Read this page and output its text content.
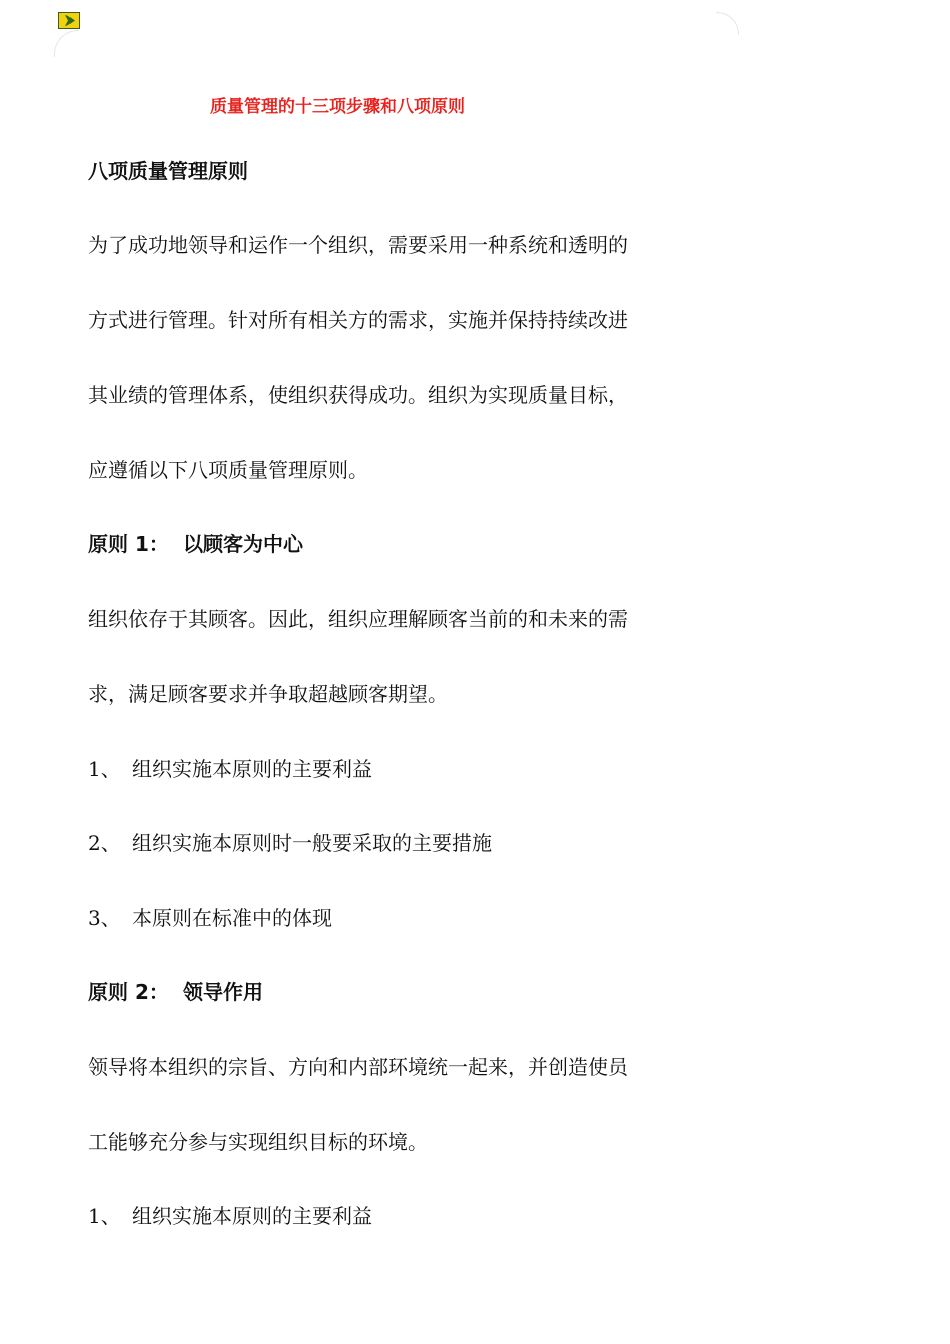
质量管理的十三项步骤和八项原则
八项质量管理原则
为了成功地领导和运作一个组织，需要采用一种系统和透明的
方式进行管理。针对所有相关方的需求，实施并保持持续改进
其业绩的管理体系，使组织获得成功。组织为实现质量目标，
应遵循以下八项质量管理原则。
原则 1： 以顾客为中心
组织依存于其顾客。因此，组织应理解顾客当前的和未来的需
求，满足顾客要求并争取超越顾客期望。
1、 组织实施本原则的主要利益
2、 组织实施本原则时一般要采取的主要措施
3、 本原则在标准中的体现
原则 2： 领导作用
领导将本组织的宗旨、方向和内部环境统一起来，并创造使员
工能够充分参与实现组织目标的环境。
1、 组织实施本原则的主要利益
